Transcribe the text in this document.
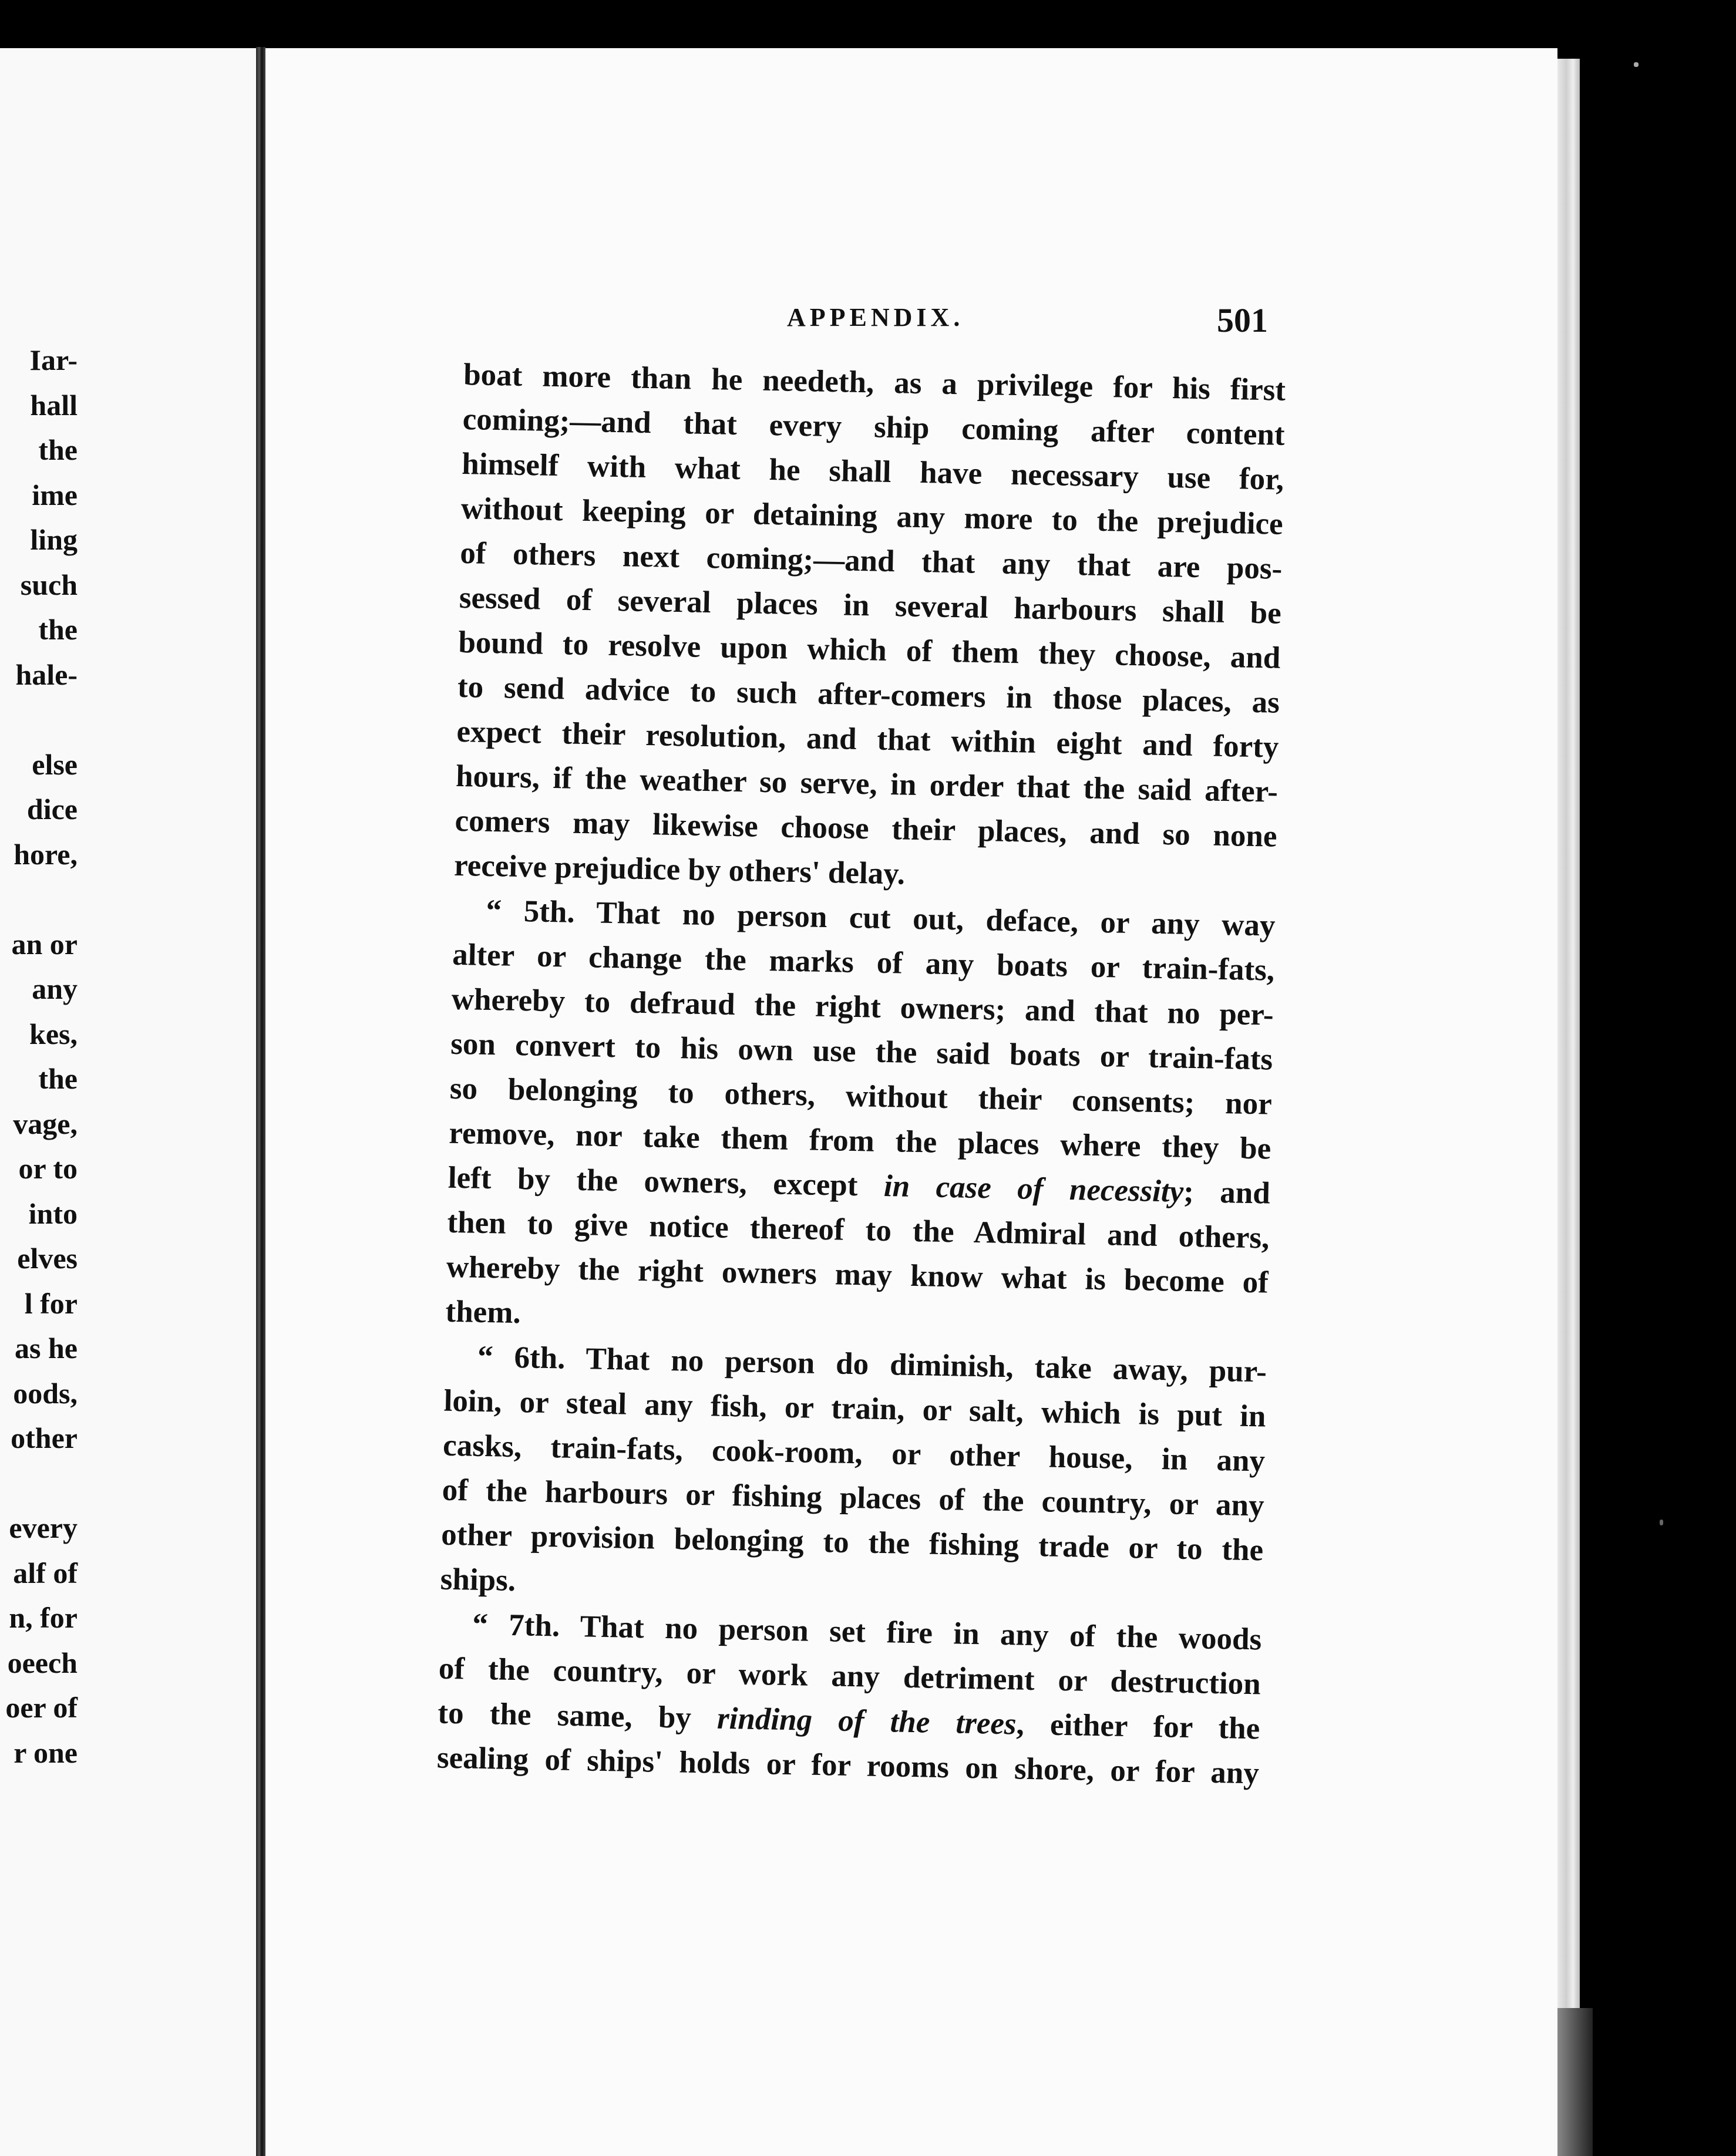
Iar-
hall
the
ime
ling
such
the
hale-
else
dice
hore,
an or
any
kes,
the
vage,
or to
into
elves
l for
as he
oods,
other
every
alf of
n, for
oeech
oer of
r one
APPENDIX.	501
boat more than he needeth, as a privilege for his first
coming;—and that every ship coming after content
himself with what he shall have necessary use for,
without keeping or detaining any more to the prejudice
of others next coming;—and that any that are pos-
sessed of several places in several harbours shall be
bound to resolve upon which of them they choose, and
to send advice to such after-comers in those places, as
expect their resolution, and that within eight and forty
hours, if the weather so serve, in order that the said after-
comers may likewise choose their places, and so none
receive prejudice by others' delay.
“ 5th. That no person cut out, deface, or any way
alter or change the marks of any boats or train-fats,
whereby to defraud the right owners; and that no per-
son convert to his own use the said boats or train-fats
so belonging to others, without their consents; nor
remove, nor take them from the places where they be
left by the owners, except in case of necessity; and
then to give notice thereof to the Admiral and others,
whereby the right owners may know what is become of
them.
“ 6th. That no person do diminish, take away, pur-
loin, or steal any fish, or train, or salt, which is put in
casks, train-fats, cook-room, or other house, in any
of the harbours or fishing places of the country, or any
other provision belonging to the fishing trade or to the
ships.
“ 7th. That no person set fire in any of the woods
of the country, or work any detriment or destruction
to the same, by rinding of the trees, either for the
sealing of ships' holds or for rooms on shore, or for any
